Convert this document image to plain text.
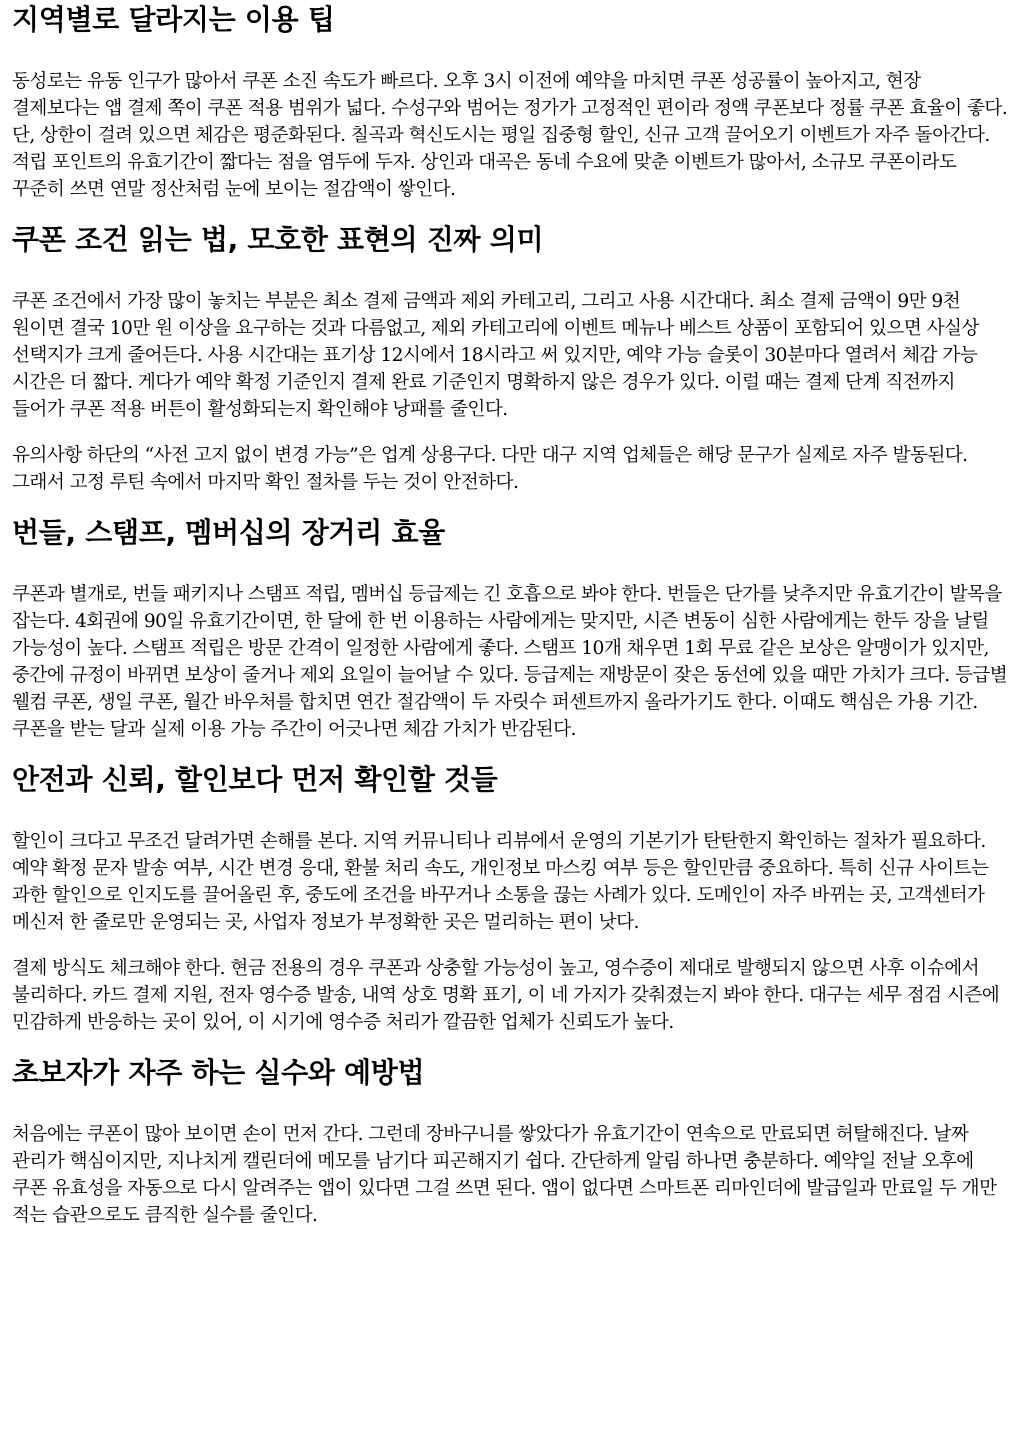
지역별로 달라지는 이용 팁

동성로는 유동 인구가 많아서 쿠폰 소진 속도가 빠르다. 오후 3시 이전에 예약을 마치면 쿠폰 성공률이 높아지고, 현장 결제보다는 앱 결제 쪽이 쿠폰 적용 범위가 넓다. 수성구와 범어는 정가가 고정적인 편이라 정액 쿠폰보다 정률 쿠폰 효율이 좋다. 단, 상한이 걸려 있으면 체감은 평준화된다. 칠곡과 혁신도시는 평일 집중형 할인, 신규 고객 끌어오기 이벤트가 자주 돌아간다. 적립 포인트의 유효기간이 짧다는 점을 염두에 두자. 상인과 대곡은 동네 수요에 맞춘 이벤트가 많아서, 소규모 쿠폰이라도 꾸준히 쓰면 연말 정산처럼 눈에 보이는 절감액이 쌓인다.

쿠폰 조건 읽는 법, 모호한 표현의 진짜 의미

쿠폰 조건에서 가장 많이 놓치는 부분은 최소 결제 금액과 제외 카테고리, 그리고 사용 시간대다. 최소 결제 금액이 9만 9천 원이면 결국 10만 원 이상을 요구하는 것과 다름없고, 제외 카테고리에 이벤트 메뉴나 베스트 상품이 포함되어 있으면 사실상 선택지가 크게 줄어든다. 사용 시간대는 표기상 12시에서 18시라고 써 있지만, 예약 가능 슬롯이 30분마다 열려서 체감 가능 시간은 더 짧다. 게다가 예약 확정 기준인지 결제 완료 기준인지 명확하지 않은 경우가 있다. 이럴 때는 결제 단계 직전까지 들어가 쿠폰 적용 버튼이 활성화되는지 확인해야 낭패를 줄인다.

유의사항 하단의 “사전 고지 없이 변경 가능”은 업계 상용구다. 다만 대구 지역 업체들은 해당 문구가 실제로 자주 발동된다. 그래서 고정 루틴 속에서 마지막 확인 절차를 두는 것이 안전하다.

번들, 스탬프, 멤버십의 장거리 효율

쿠폰과 별개로, 번들 패키지나 스탬프 적립, 멤버십 등급제는 긴 호흡으로 봐야 한다. 번들은 단가를 낮추지만 유효기간이 발목을 잡는다. 4회권에 90일 유효기간이면, 한 달에 한 번 이용하는 사람에게는 맞지만, 시즌 변동이 심한 사람에게는 한두 장을 날릴 가능성이 높다. 스탬프 적립은 방문 간격이 일정한 사람에게 좋다. 스탬프 10개 채우면 1회 무료 같은 보상은 알맹이가 있지만, 중간에 규정이 바뀌면 보상이 줄거나 제외 요일이 늘어날 수 있다. 등급제는 재방문이 잦은 동선에 있을 때만 가치가 크다. 등급별 웰컴 쿠폰, 생일 쿠폰, 월간 바우처를 합치면 연간 절감액이 두 자릿수 퍼센트까지 올라가기도 한다. 이때도 핵심은 가용 기간. 쿠폰을 받는 달과 실제 이용 가능 주간이 어긋나면 체감 가치가 반감된다.

안전과 신뢰, 할인보다 먼저 확인할 것들

할인이 크다고 무조건 달려가면 손해를 본다. 지역 커뮤니티나 리뷰에서 운영의 기본기가 탄탄한지 확인하는 절차가 필요하다. 예약 확정 문자 발송 여부, 시간 변경 응대, 환불 처리 속도, 개인정보 마스킹 여부 등은 할인만큼 중요하다. 특히 신규 사이트는 과한 할인으로 인지도를 끌어올린 후, 중도에 조건을 바꾸거나 소통을 끊는 사례가 있다. 도메인이 자주 바뀌는 곳, 고객센터가 메신저 한 줄로만 운영되는 곳, 사업자 정보가 부정확한 곳은 멀리하는 편이 낫다.

결제 방식도 체크해야 한다. 현금 전용의 경우 쿠폰과 상충할 가능성이 높고, 영수증이 제대로 발행되지 않으면 사후 이슈에서 불리하다. 카드 결제 지원, 전자 영수증 발송, 내역 상호 명확 표기, 이 네 가지가 갖춰졌는지 봐야 한다. 대구는 세무 점검 시즌에 민감하게 반응하는 곳이 있어, 이 시기에 영수증 처리가 깔끔한 업체가 신뢰도가 높다.

초보자가 자주 하는 실수와 예방법

처음에는 쿠폰이 많아 보이면 손이 먼저 간다. 그런데 장바구니를 쌓았다가 유효기간이 연속으로 만료되면 허탈해진다. 날짜 관리가 핵심이지만, 지나치게 캘린더에 메모를 남기다 피곤해지기 쉽다. 간단하게 알림 하나면 충분하다. 예약일 전날 오후에 쿠폰 유효성을 자동으로 다시 알려주는 앱이 있다면 그걸 쓰면 된다. 앱이 없다면 스마트폰 리마인더에 발급일과 만료일 두 개만 적는 습관으로도 큼직한 실수를 줄인다.
